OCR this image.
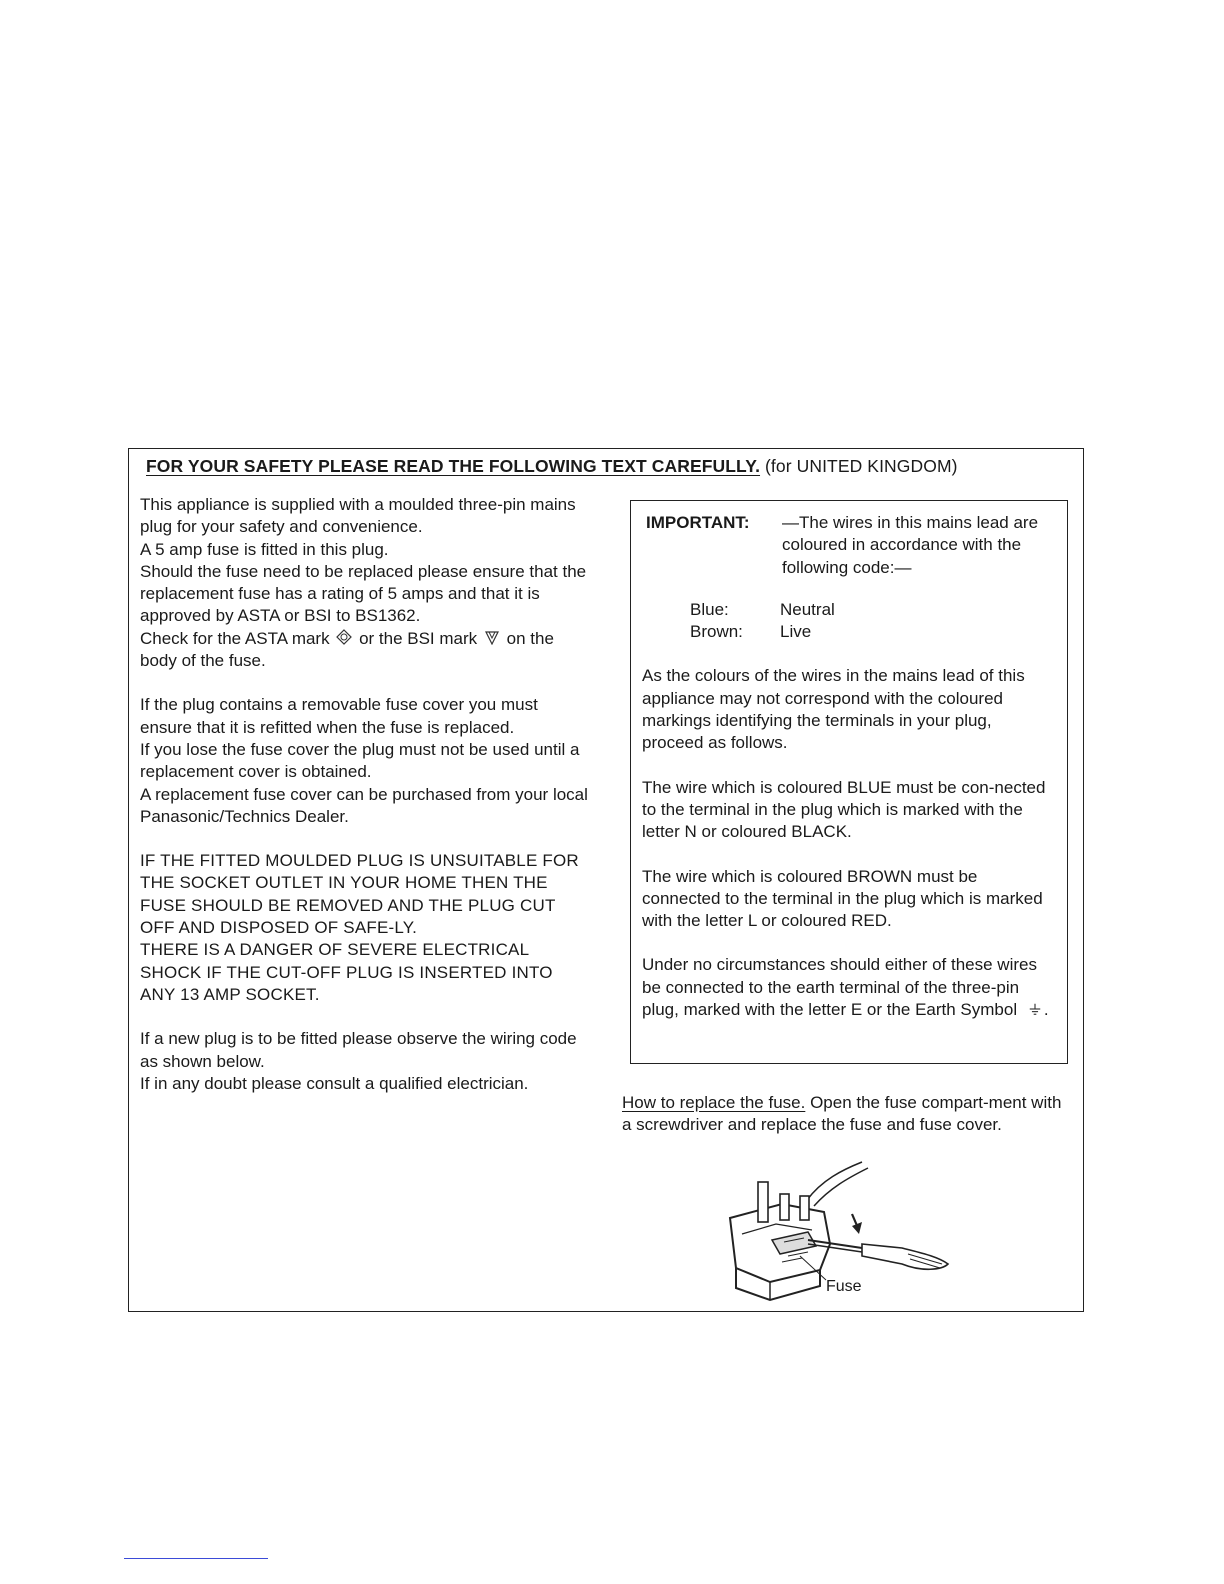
FOR YOUR SAFETY PLEASE READ THE FOLLOWING TEXT CAREFULLY. (for UNITED KINGDOM)

This appliance is supplied with a moulded three-pin mains plug for your safety and convenience.

A 5 amp fuse is fitted in this plug.

Should the fuse need to be replaced please ensure that the replacement fuse has a rating of 5 amps and that it is approved by ASTA or BSI to BS1362.

Check for the ASTA mark or the BSI mark on the body of the fuse.

If the plug contains a removable fuse cover you must ensure that it is refitted when the fuse is replaced.

If you lose the fuse cover the plug must not be used until a replacement cover is obtained.

A replacement fuse cover can be purchased from your local Panasonic/Technics Dealer.

IF THE FITTED MOULDED PLUG IS UNSUITABLE FOR THE SOCKET OUTLET IN YOUR HOME THEN THE FUSE SHOULD BE REMOVED AND THE PLUG CUT OFF AND DISPOSED OF SAFE-LY.

THERE IS A DANGER OF SEVERE ELECTRICAL SHOCK IF THE CUT-OFF PLUG IS INSERTED INTO ANY 13 AMP SOCKET.

If a new plug is to be fitted please observe the wiring code as shown below.

If in any doubt please consult a qualified electrician.

IMPORTANT:	—The wires in this mains lead are coloured in accordance with the following code:—
Blue:	Neutral
Brown:	Live

As the colours of the wires in the mains lead of this appliance may not correspond with the coloured markings identifying the terminals in your plug, proceed as follows.

The wire which is coloured BLUE must be con-nected to the terminal in the plug which is marked with the letter N or coloured BLACK.

The wire which is coloured BROWN must be connected to the terminal in the plug which is marked with the letter L or coloured RED.

Under no circumstances should either of these wires be connected to the earth terminal of the three-pin plug, marked with the letter E or the Earth Symbol .

How to replace the fuse. Open the fuse compart-ment with a screwdriver and replace the fuse and fuse cover.

Fuse
